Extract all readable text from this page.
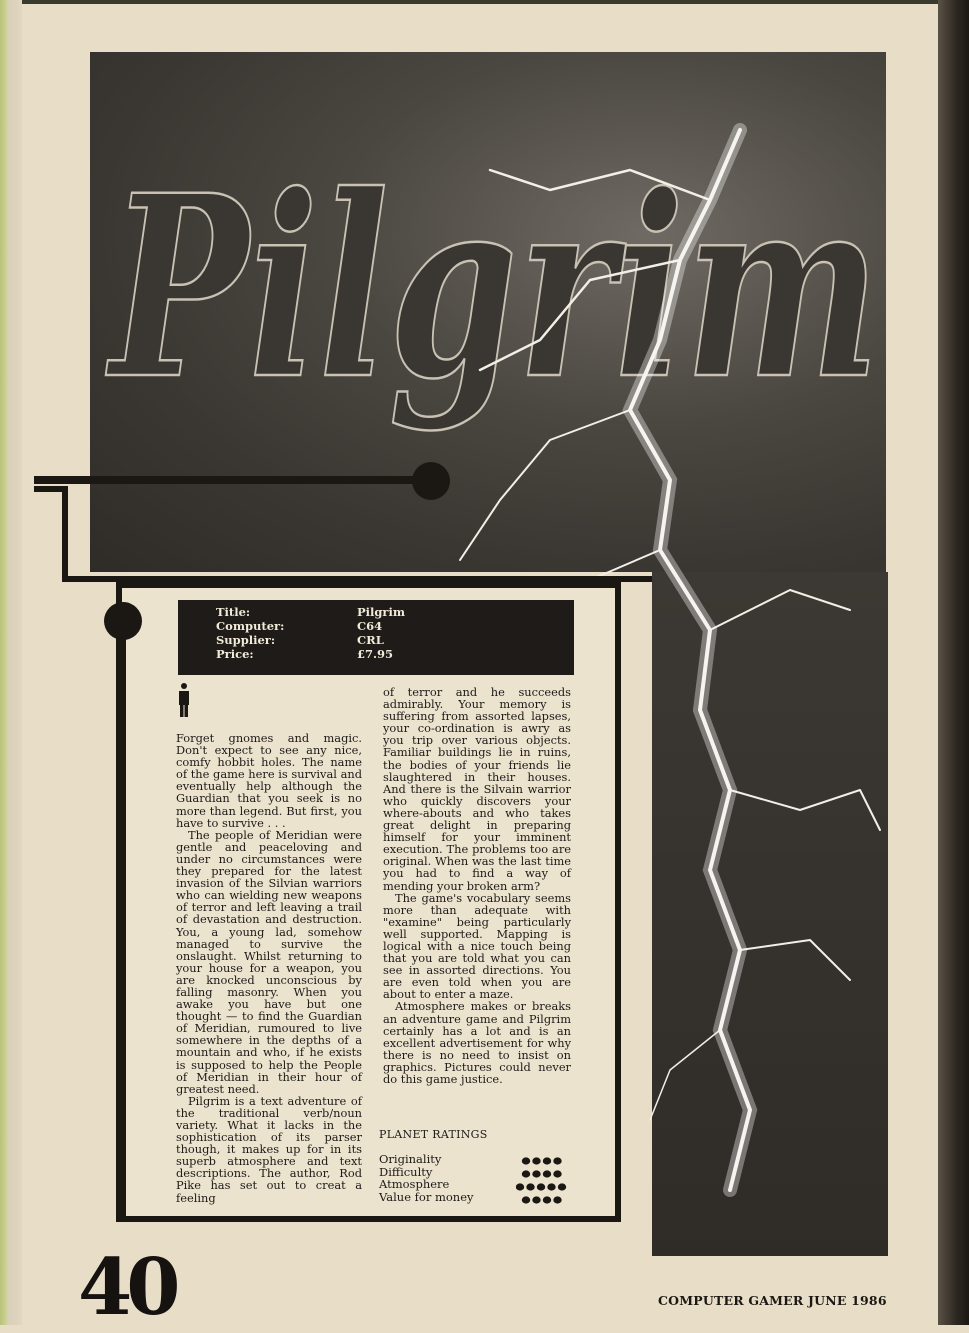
Pilgrim
Title:	Pilgrim
Computer:	C64
Supplier:	CRL
Price:	£7.95

Forget gnomes and magic. Don't expect to see any nice, comfy hobbit holes. The name of the game here is survival and eventually help although the Guardian that you seek is no more than legend. But first, you have to survive . . .

The people of Meridian were gentle and peaceloving and under no circumstances were they prepared for the latest invasion of the Silvian warriors who can wielding new weapons of terror and left leaving a trail of devastation and destruction. You, a young lad, somehow managed to survive the onslaught. Whilst returning to your house for a weapon, you are knocked unconscious by falling masonry. When you awake you have but one thought — to find the Guardian of Meridian, rumoured to live somewhere in the depths of a mountain and who, if he exists is supposed to help the People of Meridian in their hour of greatest need.

Pilgrim is a text adventure of the traditional verb/noun variety. What it lacks in the sophistication of its parser though, it makes up for in its superb atmosphere and text descriptions. The author, Rod Pike has set out to creat a feeling

of terror and he succeeds admirably. Your memory is suffering from assorted lapses, your co-ordination is awry as you trip over various objects. Familiar buildings lie in ruins, the bodies of your friends lie slaughtered in their houses. And there is the Silvain warrior who quickly discovers your where-abouts and who takes great delight in preparing himself for your imminent execution. The problems too are original. When was the last time you had to find a way of mending your broken arm?

The game's vocabulary seems more than adequate with "examine" being particularly well supported. Mapping is logical with a nice touch being that you are told what you can see in assorted directions. You are even told when you are about to enter a maze.

Atmosphere makes or breaks an adventure game and Pilgrim certainly has a lot and is an excellent advertisement for why there is no need to insist on graphics. Pictures could never do this game justice.

PLANET RATINGS
Originality
Difficulty
Atmosphere
Value for money
40	COMPUTER GAMER JUNE 1986
